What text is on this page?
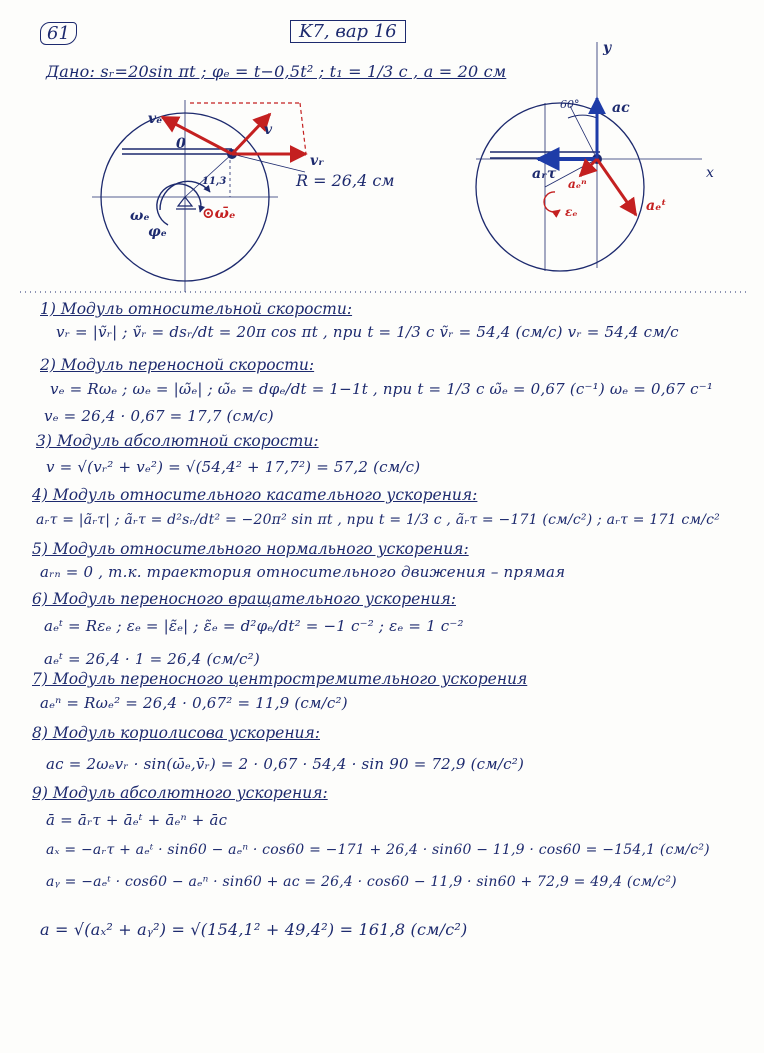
61	K7, вар 16
Дано: sᵣ=20sin πt ; φₑ = t−0,5t² ; t₁ = 1/3 c , a = 20 см
vₑ
v
vᵣ
0
11,3
ωₑ
φₑ
⊙ω̄ₑ
R = 26,4 см
y
x
60° aᴄ
aᵣτ
aₑⁿ
aₑᵗ
εₑ
1) Модуль относительной скорости:
vᵣ = |ṽᵣ| ; ṽᵣ = dsᵣ/dt = 20π cos πt , при t = 1/3 c ṽᵣ = 54,4 (см/с) vᵣ = 54,4 см/с
2) Модуль переносной скорости:
vₑ = Rωₑ ; ωₑ = |ω̃ₑ| ; ω̃ₑ = dφₑ/dt = 1−1t , при t = 1/3 c ω̃ₑ = 0,67 (c⁻¹) ωₑ = 0,67 c⁻¹
vₑ = 26,4 · 0,67 = 17,7 (см/с)
3) Модуль абсолютной скорости:
v = √(vᵣ² + vₑ²) = √(54,4² + 17,7²) = 57,2 (см/с)
4) Модуль относительного касательного ускорения:
aᵣτ = |ãᵣτ| ; ãᵣτ = d²sᵣ/dt² = −20π² sin πt , при t = 1/3 c , ãᵣτ = −171 (см/с²) ; aᵣτ = 171 см/с²
5) Модуль относительного нормального ускорения:
aᵣₙ = 0 , т.к. траектория относительного движения – прямая
6) Модуль переносного вращательного ускорения:
aₑᵗ = Rεₑ ; εₑ = |ε̃ₑ| ; ε̃ₑ = d²φₑ/dt² = −1 c⁻² ; εₑ = 1 c⁻²
aₑᵗ = 26,4 · 1 = 26,4 (см/с²)
7) Модуль переносного центростремительного ускорения
aₑⁿ = Rωₑ² = 26,4 · 0,67² = 11,9 (см/с²)
8) Модуль кориолисова ускорения:
aᴄ = 2ωₑvᵣ · sin(ω̄ₑ,v̄ᵣ) = 2 · 0,67 · 54,4 · sin 90 = 72,9 (см/с²)
9) Модуль абсолютного ускорения:
ā = āᵣτ + āₑᵗ + āₑⁿ + āᴄ
aₓ = −aᵣτ + aₑᵗ · sin60 − aₑⁿ · cos60 = −171 + 26,4 · sin60 − 11,9 · cos60 = −154,1 (см/с²)
aᵧ = −aₑᵗ · cos60 − aₑⁿ · sin60 + aᴄ = 26,4 · cos60 − 11,9 · sin60 + 72,9 = 49,4 (см/с²)
a = √(aₓ² + aᵧ²) = √(154,1² + 49,4²) = 161,8 (см/с²)
